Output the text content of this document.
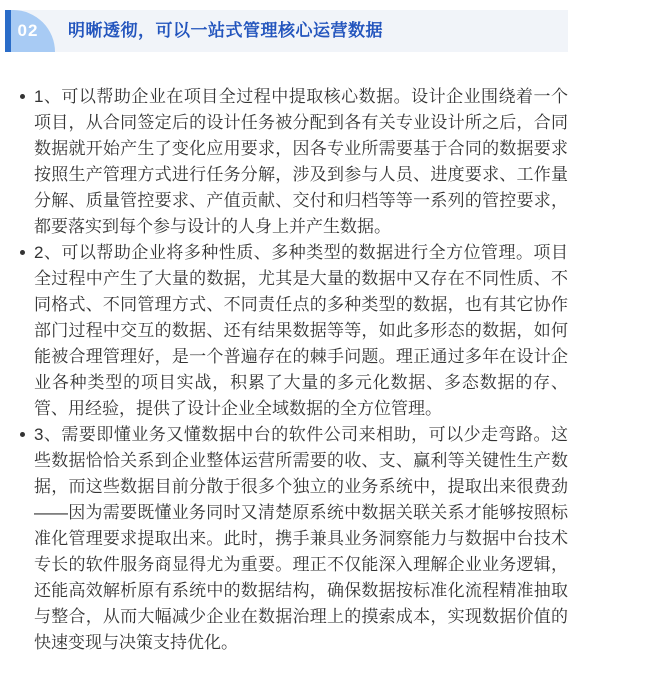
02	明晰透彻，可以一站式管理核心运营数据
1、可以帮助企业在项目全过程中提取核心数据。设计企业围绕着一个项目，从合同签定后的设计任务被分配到各有关专业设计所之后，合同数据就开始产生了变化应用要求，因各专业所需要基于合同的数据要求按照生产管理方式进行任务分解，涉及到参与人员、进度要求、工作量分解、质量管控要求、产值贡献、交付和归档等等一系列的管控要求，都要落实到每个参与设计的人身上并产生数据。
2、可以帮助企业将多种性质、多种类型的数据进行全方位管理。项目全过程中产生了大量的数据，尤其是大量的数据中又存在不同性质、不同格式、不同管理方式、不同责任点的多种类型的数据，也有其它协作部门过程中交互的数据、还有结果数据等等，如此多形态的数据，如何能被合理管理好，是一个普遍存在的棘手问题。理正通过多年在设计企业各种类型的项目实战，积累了大量的多元化数据、多态数据的存、管、用经验，提供了设计企业全域数据的全方位管理。
3、需要即懂业务又懂数据中台的软件公司来相助，可以少走弯路。这些数据恰恰关系到企业整体运营所需要的收、支、赢利等关键性生产数据，而这些数据目前分散于很多个独立的业务系统中，提取出来很费劲——因为需要既懂业务同时又清楚原系统中数据关联关系才能够按照标准化管理要求提取出来。此时，携手兼具业务洞察能力与数据中台技术专长的软件服务商显得尤为重要。理正不仅能深入理解企业业务逻辑，还能高效解析原有系统中的数据结构，确保数据按标准化流程精准抽取与整合，从而大幅减少企业在数据治理上的摸索成本，实现数据价值的快速变现与决策支持优化。
